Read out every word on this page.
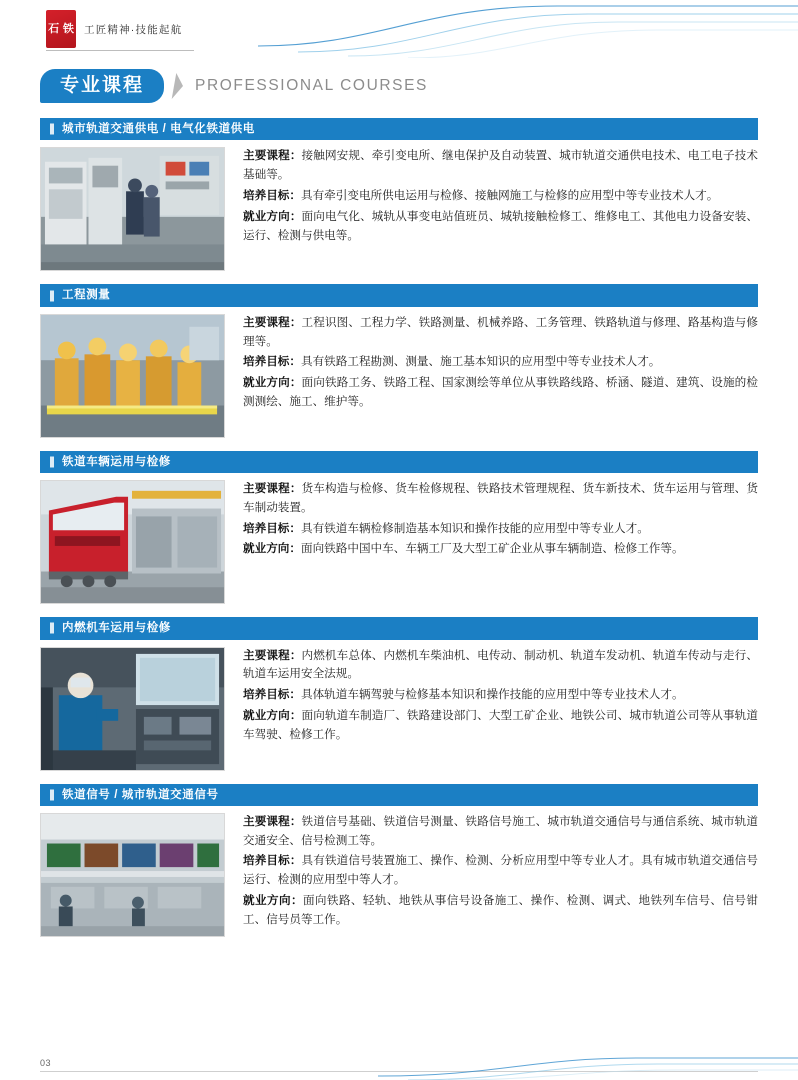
石 铁 工匠精神·技能起航
专业课程	PROFESSIONAL COURSES
城市轨道交通供电 / 电气化铁道供电
主要课程：接触网安规、牵引变电所、继电保护及自动装置、城市轨道交通供电技术、电工电子技术基础等。
培养目标：具有牵引变电所供电运用与检修、接触网施工与检修的应用型中等专业技术人才。
就业方向：面向电气化、城轨从事变电站值班员、城轨接触检修工、维修电工、其他电力设备安装、运行、检测与供电等。
工程测量
主要课程：工程识图、工程力学、铁路测量、机械养路、工务管理、铁路轨道与修理、路基构造与修理等。
培养目标：具有铁路工程勘测、测量、施工基本知识的应用型中等专业技术人才。
就业方向：面向铁路工务、铁路工程、国家测绘等单位从事铁路线路、桥涵、隧道、建筑、设施的检测测绘、施工、维护等。
铁道车辆运用与检修
主要课程：货车构造与检修、货车检修规程、铁路技术管理规程、货车新技术、货车运用与管理、货车制动装置。
培养目标：具有铁道车辆检修制造基本知识和操作技能的应用型中等专业人才。
就业方向：面向铁路中国中车、车辆工厂及大型工矿企业从事车辆制造、检修工作等。
内燃机车运用与检修
主要课程：内燃机车总体、内燃机车柴油机、电传动、制动机、轨道车发动机、轨道车传动与走行、轨道车运用安全法规。
培养目标：具体轨道车辆驾驶与检修基本知识和操作技能的应用型中等专业技术人才。
就业方向：面向轨道车制造厂、铁路建设部门、大型工矿企业、地铁公司、城市轨道公司等从事轨道车驾驶、检修工作。
铁道信号 / 城市轨道交通信号
主要课程：铁道信号基础、铁道信号测量、铁路信号施工、城市轨道交通信号与通信系统、城市轨道交通安全、信号检测工等。
培养目标：具有铁道信号装置施工、操作、检测、分析应用型中等专业人才。具有城市轨道交通信号运行、检测的应用型中等人才。
就业方向：面向铁路、轻轨、地铁从事信号设备施工、操作、检测、调式、地铁列车信号、信号钳工、信号员等工作。
03
